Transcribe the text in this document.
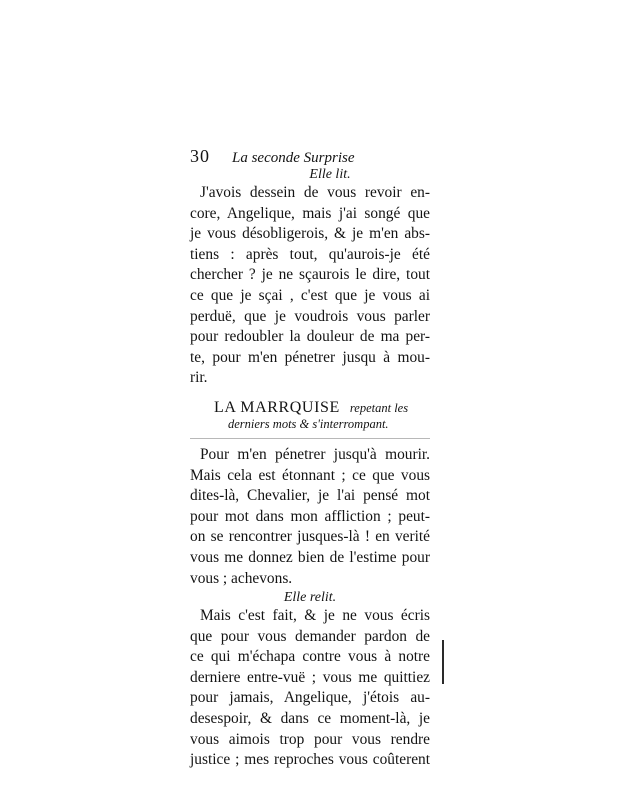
30 La seconde Surprise
Elle lit.

J'avois dessein de vous revoir en-
core, Angelique, mais j'ai songé que
je vous désobligerois, & je m'en abs-
tiens : après tout, qu'aurois-je été
chercher ? je ne sçaurois le dire, tout
ce que je sçai , c'est que je vous ai
perduë, que je voudrois vous parler
pour redoubler la douleur de ma per-
te, pour m'en pénetrer jusqu à mou-
rir.

LA MARRQUISE repetant les
derniers mots & s'interrompant.

Pour m'en pénetrer jusqu'à mourir.
Mais cela est étonnant ; ce que vous
dites-là, Chevalier, je l'ai pensé mot
pour mot dans mon affliction ; peut-
on se rencontrer jusques-là ! en verité
vous me donnez bien de l'estime pour
vous ; achevons.

Elle relit.

Mais c'est fait, & je ne vous écris
que pour vous demander pardon de
ce qui m'échapa contre vous à notre
derniere entre-vuë ; vous me quittiez
pour jamais, Angelique, j'étois au-
desespoir, & dans ce moment-là, je
vous aimois trop pour vous rendre
justice ; mes reproches vous coûterent
